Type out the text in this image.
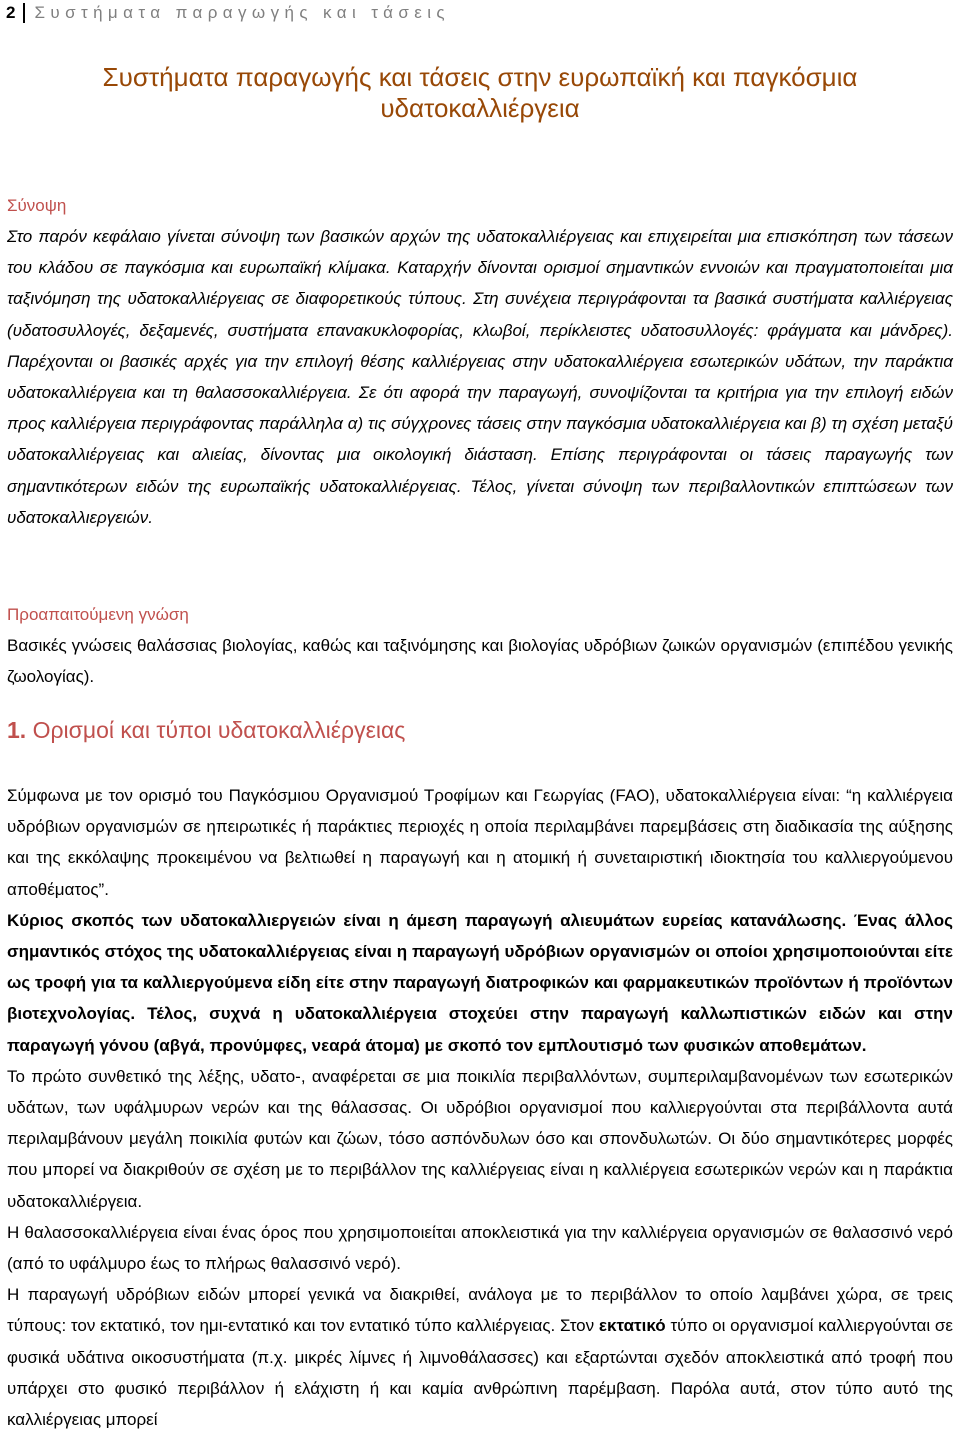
2 Συστήματα παραγωγής και τάσεις
Συστήματα παραγωγής και τάσεις στην ευρωπαϊκή και παγκόσμια
υδατοκαλλιέργεια

Σύνοψη

Στο παρόν κεφάλαιο γίνεται σύνοψη των βασικών αρχών της υδατοκαλλιέργειας και επιχειρείται μια επισκόπηση των τάσεων του κλάδου σε παγκόσμια και ευρωπαϊκή κλίμακα. Καταρχήν δίνονται ορισμοί σημαντικών εννοιών και πραγματοποιείται μια ταξινόμηση της υδατοκαλλιέργειας σε διαφορετικούς τύπους. Στη συνέχεια περιγράφονται τα βασικά συστήματα καλλιέργειας (υδατοσυλλογές, δεξαμενές, συστήματα επανακυκλοφορίας, κλωβοί, περίκλειστες υδατοσυλλογές: φράγματα και μάνδρες). Παρέχονται οι βασικές αρχές για την επιλογή θέσης καλλιέργειας στην υδατοκαλλιέργεια εσωτερικών υδάτων, την παράκτια υδατοκαλλιέργεια και τη θαλασσοκαλλιέργεια. Σε ότι αφορά την παραγωγή, συνοψίζονται τα κριτήρια για την επιλογή ειδών προς καλλιέργεια περιγράφοντας παράλληλα α) τις σύγχρονες τάσεις στην παγκόσμια υδατοκαλλιέργεια και β) τη σχέση μεταξύ υδατοκαλλιέργειας και αλιείας, δίνοντας μια οικολογική διάσταση. Επίσης περιγράφονται οι τάσεις παραγωγής των σημαντικότερων ειδών της ευρωπαϊκής υδατοκαλλιέργειας. Τέλος, γίνεται σύνοψη των περιβαλλοντικών επιπτώσεων των υδατοκαλλιεργειών.

Προαπαιτούμενη γνώση

Βασικές γνώσεις θαλάσσιας βιολογίας, καθώς και ταξινόμησης και βιολογίας υδρόβιων ζωικών οργανισμών (επιπέδου γενικής ζωολογίας).

1. Ορισμοί και τύποι υδατοκαλλιέργειας

Σύμφωνα με τον ορισμό του Παγκόσμιου Οργανισμού Τροφίμων και Γεωργίας (FAO), υδατοκαλλιέργεια είναι: “η καλλιέργεια υδρόβιων οργανισμών σε ηπειρωτικές ή παράκτιες περιοχές η οποία περιλαμβάνει παρεμβάσεις στη διαδικασία της αύξησης και της εκκόλαψης προκειμένου να βελτιωθεί η παραγωγή και η ατομική ή συνεταιριστική ιδιοκτησία του καλλιεργούμενου αποθέματος”.

Κύριος σκοπός των υδατοκαλλιεργειών είναι η άμεση παραγωγή αλιευμάτων ευρείας κατανάλωσης. Ένας άλλος σημαντικός στόχος της υδατοκαλλιέργειας είναι η παραγωγή υδρόβιων οργανισμών οι οποίοι χρησιμοποιούνται είτε ως τροφή για τα καλλιεργούμενα είδη είτε στην παραγωγή διατροφικών και φαρμακευτικών προϊόντων ή προϊόντων βιοτεχνολογίας. Τέλος, συχνά η υδατοκαλλιέργεια στοχεύει στην παραγωγή καλλωπιστικών ειδών και στην παραγωγή γόνου (αβγά, προνύμφες, νεαρά άτομα) με σκοπό τον εμπλουτισμό των φυσικών αποθεμάτων.

Το πρώτο συνθετικό της λέξης, υδατο-, αναφέρεται σε μια ποικιλία περιβαλλόντων, συμπεριλαμβανομένων των εσωτερικών υδάτων, των υφάλμυρων νερών και της θάλασσας. Οι υδρόβιοι οργανισμοί που καλλιεργούνται στα περιβάλλοντα αυτά περιλαμβάνουν μεγάλη ποικιλία φυτών και ζώων, τόσο ασπόνδυλων όσο και σπονδυλωτών. Οι δύο σημαντικότερες μορφές που μπορεί να διακριθούν σε σχέση με το περιβάλλον της καλλιέργειας είναι η καλλιέργεια εσωτερικών νερών και η παράκτια υδατοκαλλιέργεια.

Η θαλασσοκαλλιέργεια είναι ένας όρος που χρησιμοποιείται αποκλειστικά για την καλλιέργεια οργανισμών σε θαλασσινό νερό (από το υφάλμυρο έως το πλήρως θαλασσινό νερό).

Η παραγωγή υδρόβιων ειδών μπορεί γενικά να διακριθεί, ανάλογα με το περιβάλλον το οποίο λαμβάνει χώρα, σε τρεις τύπους: τον εκτατικό, τον ημι-εντατικό και τον εντατικό τύπο καλλιέργειας. Στον εκτατικό τύπο οι οργανισμοί καλλιεργούνται σε φυσικά υδάτινα οικοσυστήματα (π.χ. μικρές λίμνες ή λιμνοθάλασσες) και εξαρτώνται σχεδόν αποκλειστικά από τροφή που υπάρχει στο φυσικό περιβάλλον ή ελάχιστη ή και καμία ανθρώπινη παρέμβαση. Παρόλα αυτά, στον τύπο αυτό της καλλιέργειας μπορεί
